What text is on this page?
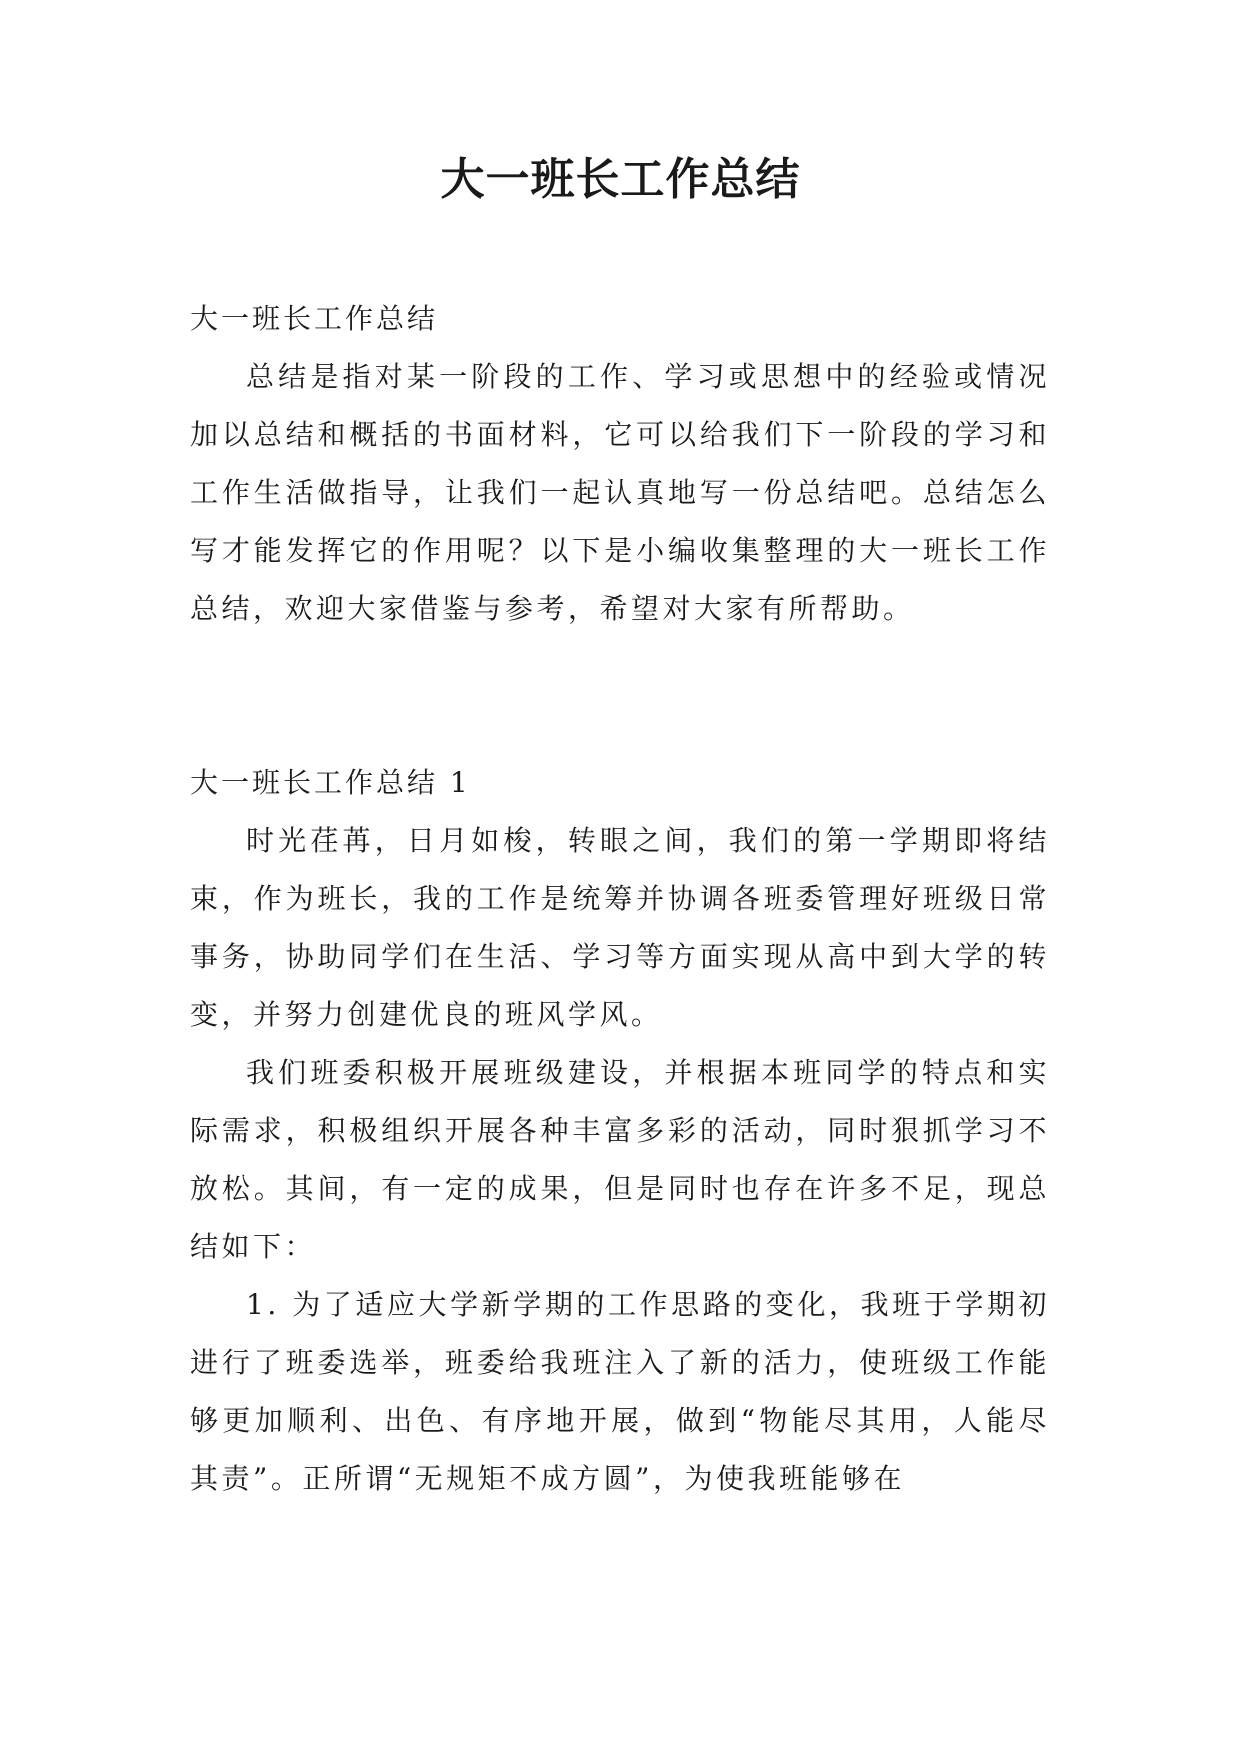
大一班长工作总结

大一班长工作总结

总结是指对某一阶段的工作、学习或思想中的经验或情况加以总结和概括的书面材料，它可以给我们下一阶段的学习和工作生活做指导，让我们一起认真地写一份总结吧。总结怎么写才能发挥它的作用呢？以下是小编收集整理的大一班长工作总结，欢迎大家借鉴与参考，希望对大家有所帮助。

大一班长工作总结 1

时光荏苒，日月如梭，转眼之间，我们的第一学期即将结束，作为班长，我的工作是统筹并协调各班委管理好班级日常事务，协助同学们在生活、学习等方面实现从高中到大学的转变，并努力创建优良的班风学风。

我们班委积极开展班级建设，并根据本班同学的特点和实际需求，积极组织开展各种丰富多彩的活动，同时狠抓学习不放松。其间，有一定的成果，但是同时也存在许多不足，现总结如下：

1. 为了适应大学新学期的工作思路的变化，我班于学期初进行了班委选举，班委给我班注入了新的活力，使班级工作能够更加顺利、出色、有序地开展，做到“物能尽其用，人能尽其责”。正所谓“无规矩不成方圆”，为使我班能够在
